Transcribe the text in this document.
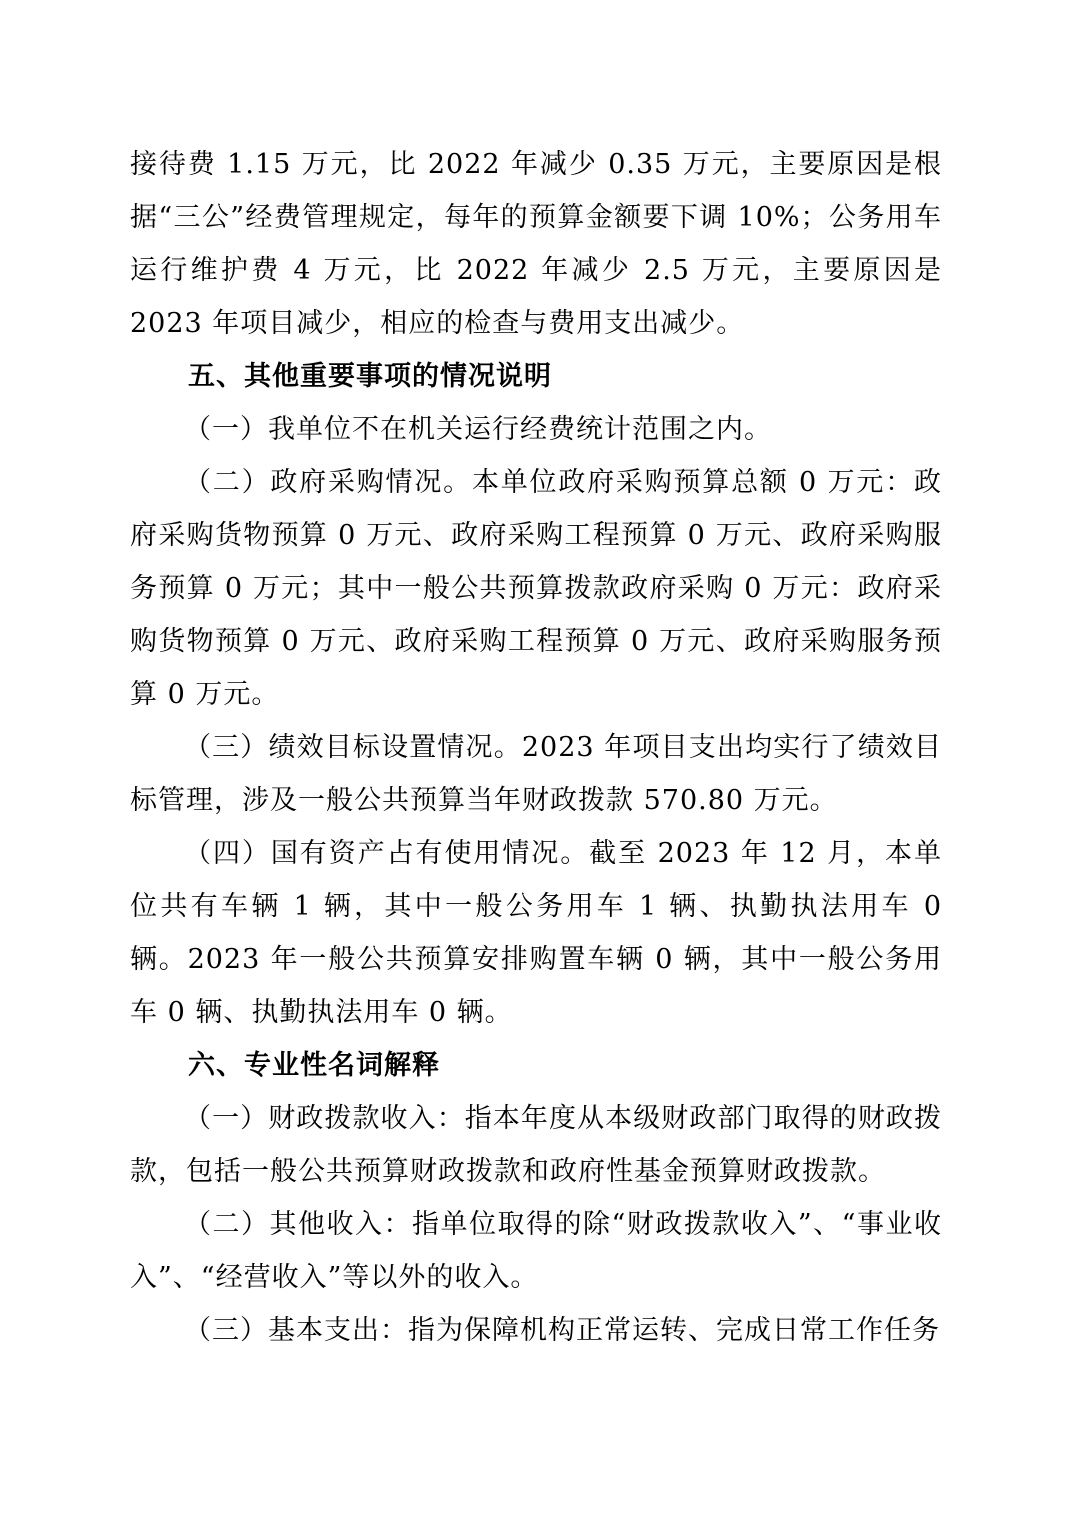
接待费 1.15 万元，比 2022 年减少 0.35 万元，主要原因是根据“三公”经费管理规定，每年的预算金额要下调 10%；公务用车运行维护费 4 万元，比 2022 年减少 2.5 万元，主要原因是 2023 年项目减少，相应的检查与费用支出减少。

五、其他重要事项的情况说明

（一）我单位不在机关运行经费统计范围之内。

（二）政府采购情况。本单位政府采购预算总额 0 万元：政府采购货物预算 0 万元、政府采购工程预算 0 万元、政府采购服务预算 0 万元；其中一般公共预算拨款政府采购 0 万元：政府采购货物预算 0 万元、政府采购工程预算 0 万元、政府采购服务预算 0 万元。

（三）绩效目标设置情况。2023 年项目支出均实行了绩效目标管理，涉及一般公共预算当年财政拨款 570.80 万元。

（四）国有资产占有使用情况。截至 2023 年 12 月，本单位共有车辆 1 辆，其中一般公务用车 1 辆、执勤执法用车 0 辆。2023 年一般公共预算安排购置车辆 0 辆，其中一般公务用车 0 辆、执勤执法用车 0 辆。

六、专业性名词解释

（一）财政拨款收入：指本年度从本级财政部门取得的财政拨款，包括一般公共预算财政拨款和政府性基金预算财政拨款。

（二）其他收入：指单位取得的除“财政拨款收入”、“事业收入”、“经营收入”等以外的收入。

（三）基本支出：指为保障机构正常运转、完成日常工作任务
